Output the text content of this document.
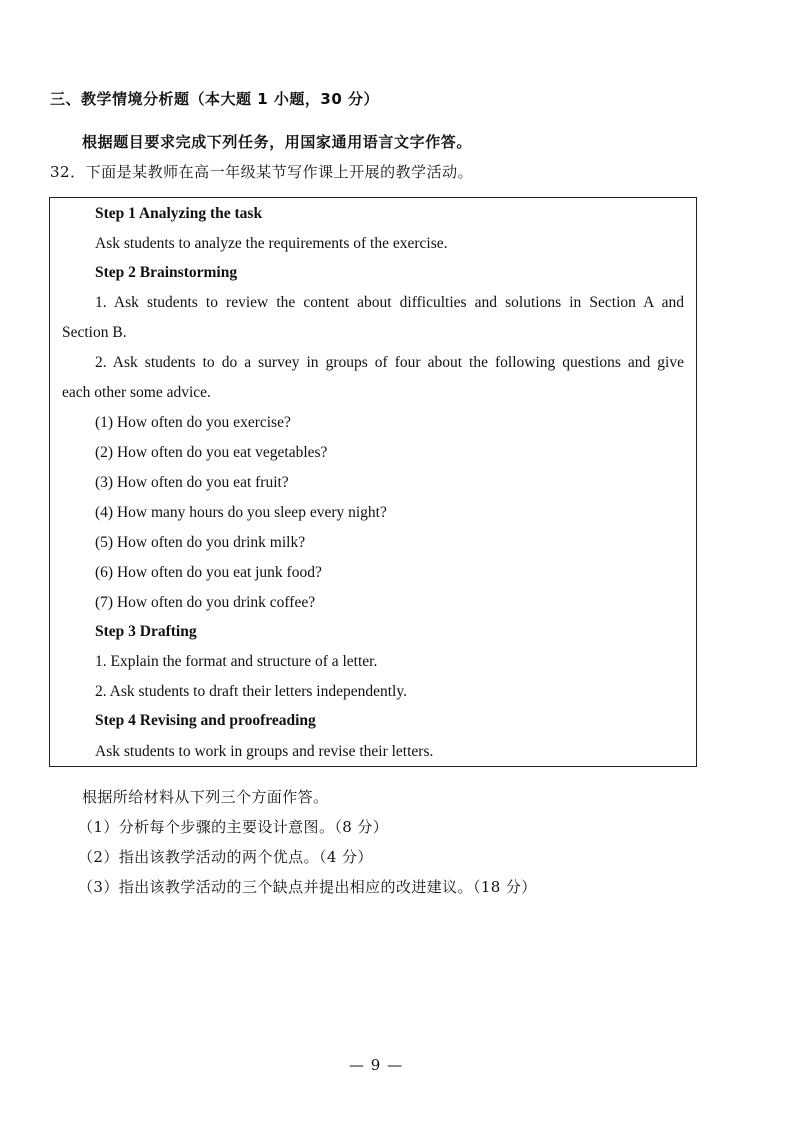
三、教学情境分析题（本大题 1 小题，30 分）
根据题目要求完成下列任务，用国家通用语言文字作答。
32．下面是某教师在高一年级某节写作课上开展的教学活动。
Step 1 Analyzing the task
Ask students to analyze the requirements of the exercise.
Step 2 Brainstorming
1. Ask students to review the content about difficulties and solutions in Section A and
Section B.
2. Ask students to do a survey in groups of four about the following questions and give
each other some advice.
(1) How often do you exercise?
(2) How often do you eat vegetables?
(3) How often do you eat fruit?
(4) How many hours do you sleep every night?
(5) How often do you drink milk?
(6) How often do you eat junk food?
(7) How often do you drink coffee?
Step 3 Drafting
1. Explain the format and structure of a letter.
2. Ask students to draft their letters independently.
Step 4 Revising and proofreading
Ask students to work in groups and revise their letters.
根据所给材料从下列三个方面作答。
（1）分析每个步骤的主要设计意图。（8 分）
（2）指出该教学活动的两个优点。（4 分）
（3）指出该教学活动的三个缺点并提出相应的改进建议。（18 分）
— 9 —
